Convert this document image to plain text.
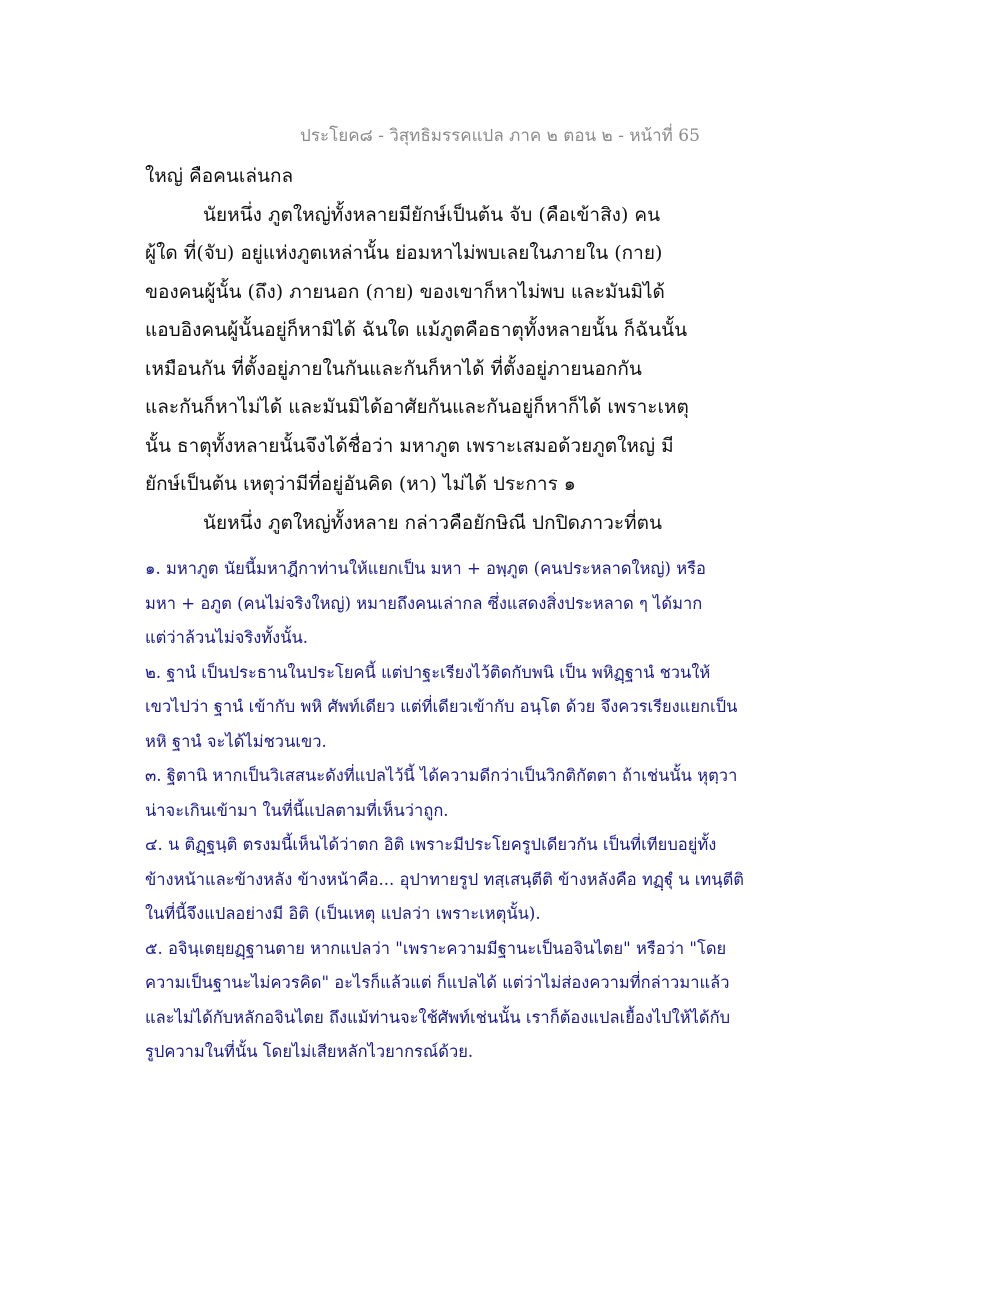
ประโยค๘ - วิสุทธิมรรคแปล ภาค ๒ ตอน ๒ - หน้าที่ 65
ใหญ่ คือคนเล่นกล
นัยหนึ่ง ภูตใหญ่ทั้งหลายมียักษ์เป็นต้น จับ (คือเข้าสิง) คน
ผู้ใด ที่(จับ) อยู่แห่งภูตเหล่านั้น ย่อมหาไม่พบเลยในภายใน (กาย)
ของคนผู้นั้น (ถึง) ภายนอก (กาย) ของเขาก็หาไม่พบ และมันมิได้
แอบอิงคนผู้นั้นอยู่ก็หามิได้ ฉันใด แม้ภูตคือธาตุทั้งหลายนั้น ก็ฉันนั้น
เหมือนกัน ที่ตั้งอยู่ภายในกันและกันก็หาได้ ที่ตั้งอยู่ภายนอกกัน
และกันก็หาไม่ได้ และมันมิได้อาศัยกันและกันอยู่ก็หาก็ได้ เพราะเหตุ
นั้น ธาตุทั้งหลายนั้นจึงได้ชื่อว่า มหาภูต เพราะเสมอด้วยภูตใหญ่ มี
ยักษ์เป็นต้น เหตุว่ามีที่อยู่อันคิด (หา) ไม่ได้ ประการ ๑
นัยหนึ่ง ภูตใหญ่ทั้งหลาย กล่าวคือยักษิณี ปกปิดภาวะที่ตน
๑. มหาภูต นัยนี้มหาฎีกาท่านให้แยกเป็น มหา + อพฺภูต (คนประหลาดใหญ่) หรือ
มหา + อภูต (คนไม่จริงใหญ่) หมายถึงคนเล่ากล ซึ่งแสดงสิ่งประหลาด ๆ ได้มาก
แต่ว่าล้วนไม่จริงทั้งนั้น.
๒. ฐานํ เป็นประธานในประโยคนี้ แต่ปาฐะเรียงไว้ติดกับพนิ เป็น พหิฏฺฐานํ ชวนให้
เขวไปว่า ฐานํ เข้ากับ พหิ ศัพท์เดียว แต่ที่เดียวเข้ากับ อนฺโต ด้วย จึงควรเรียงแยกเป็น
หหิ ฐานํ จะได้ไม่ชวนเขว.
๓. ฐิตานิ หากเป็นวิเสสนะดังที่แปลไว้นี้ ได้ความดีกว่าเป็นวิกติกัตตา ถ้าเช่นนั้น หุตฺวา
น่าจะเกินเข้ามา ในที่นี้แปลตามที่เห็นว่าถูก.
๔. น ติฏฺฐนฺติ ตรงมนี้เห็นได้ว่าตก อิติ เพราะมีประโยครูปเดียวกัน เป็นที่เทียบอยู่ทั้ง
ข้างหน้าและข้างหลัง ข้างหน้าคือ... อุปาทายรูป ทสฺเสนฺตีติ ข้างหลังคือ ทฏฺฐุํ น เทนฺตีติ
ในที่นี้จึงแปลอย่างมี อิติ (เป็นเหตุ แปลว่า เพราะเหตุนั้น).
๕. อจินฺเตยฺยฏฺฐานตาย หากแปลว่า "เพราะความมีฐานะเป็นอจินไตย" หรือว่า "โดย
ความเป็นฐานะไม่ควรคิด" อะไรก็แล้วแต่ ก็แปลได้ แต่ว่าไม่ส่องความที่กล่าวมาแล้ว
และไม่ได้กับหลักอจินไตย ถึงแม้ท่านจะใช้ศัพท์เช่นนั้น เราก็ต้องแปลเยื้องไปให้ได้กับ
รูปความในที่นั้น โดยไม่เสียหลักไวยากรณ์ด้วย.
